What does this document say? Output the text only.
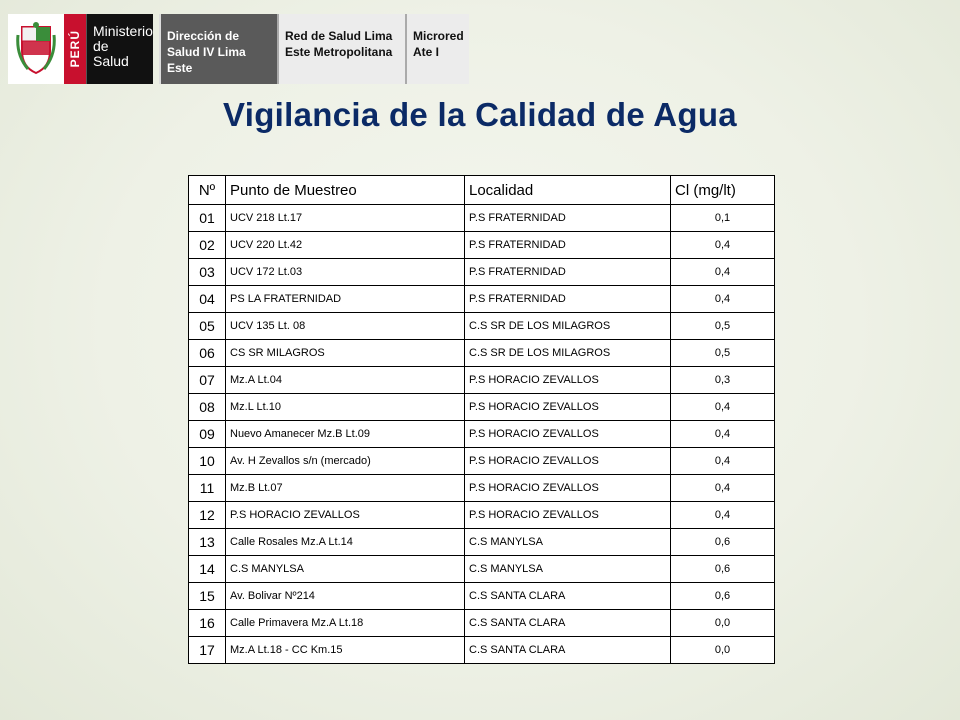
PERÚ Ministerio de Salud
Dirección de Salud IV Lima Este
Red de Salud Lima Este Metropolitana
Microred Ate I
Vigilancia de la Calidad de Agua
Nº	Punto de Muestreo	Localidad	Cl (mg/lt)
01	UCV 218 Lt.17	P.S FRATERNIDAD	0,1
02	UCV 220 Lt.42	P.S FRATERNIDAD	0,4
03	UCV 172 Lt.03	P.S FRATERNIDAD	0,4
04	PS LA FRATERNIDAD	P.S FRATERNIDAD	0,4
05	UCV 135 Lt. 08	C.S SR DE LOS MILAGROS	0,5
06	CS SR MILAGROS	C.S SR DE LOS MILAGROS	0,5
07	Mz.A Lt.04	P.S HORACIO ZEVALLOS	0,3
08	Mz.L Lt.10	P.S HORACIO ZEVALLOS	0,4
09	Nuevo Amanecer Mz.B Lt.09	P.S HORACIO ZEVALLOS	0,4
10	Av. H Zevallos s/n (mercado)	P.S HORACIO ZEVALLOS	0,4
11	Mz.B Lt.07	P.S HORACIO ZEVALLOS	0,4
12	P.S HORACIO ZEVALLOS	P.S HORACIO ZEVALLOS	0,4
13	Calle Rosales Mz.A Lt.14	C.S MANYLSA	0,6
14	C.S MANYLSA	C.S MANYLSA	0,6
15	Av. Bolivar Nº214	C.S SANTA CLARA	0,6
16	Calle Primavera Mz.A Lt.18	C.S SANTA CLARA	0,0
17	Mz.A Lt.18 - CC Km.15	C.S SANTA CLARA	0,0
